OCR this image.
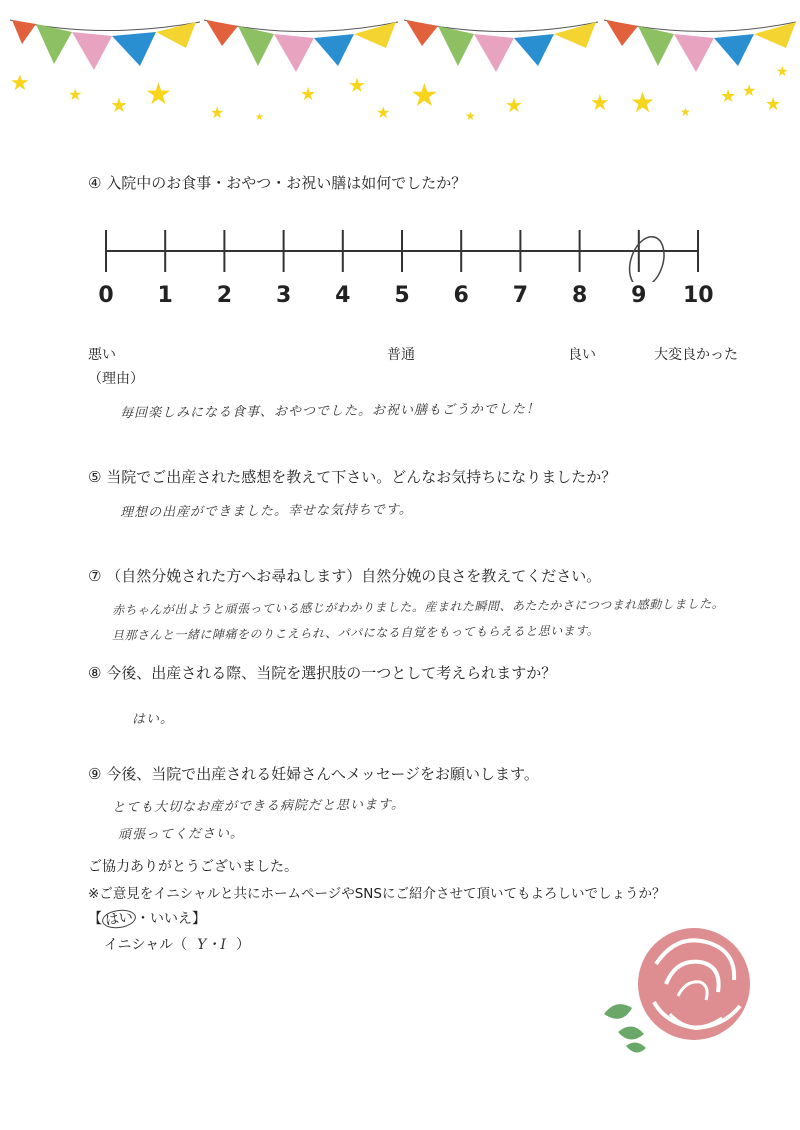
★ ★ ★ ★
★	★
★ ★
★ ★
★ ★	★ ★ ★
★ ★
★
★
④ 入院中のお食事・おやつ・お祝い膳は如何でしたか？
0	1	2	3	4	5	6	7	8	9	10
悪い	普通	良い	大変良かった
（理由）
毎回楽しみになる食事、おやつでした。お祝い膳もごうかでした！
⑤ 当院でご出産された感想を教えて下さい。どんなお気持ちになりましたか？
理想の出産ができました。幸せな気持ちです。
⑦ （自然分娩された方へお尋ねします）自然分娩の良さを教えてください。
赤ちゃんが出ようと頑張っている感じがわかりました。産まれた瞬間、あたたかさにつつまれ感動しました。
旦那さんと一緒に陣痛をのりこえられ、パパになる自覚をもってもらえると思います。
⑧ 今後、出産される際、当院を選択肢の一つとして考えられますか？
はい。
⑨ 今後、当院で出産される妊婦さんへメッセージをお願いします。
とても大切なお産ができる病院だと思います。
頑張ってください。
ご協力ありがとうございました。
※ご意見をイニシャルと共にホームページやSNSにご紹介させて頂いてもよろしいでしょうか？
【 はい ・いいえ】
イニシャル（ Y・I ）
